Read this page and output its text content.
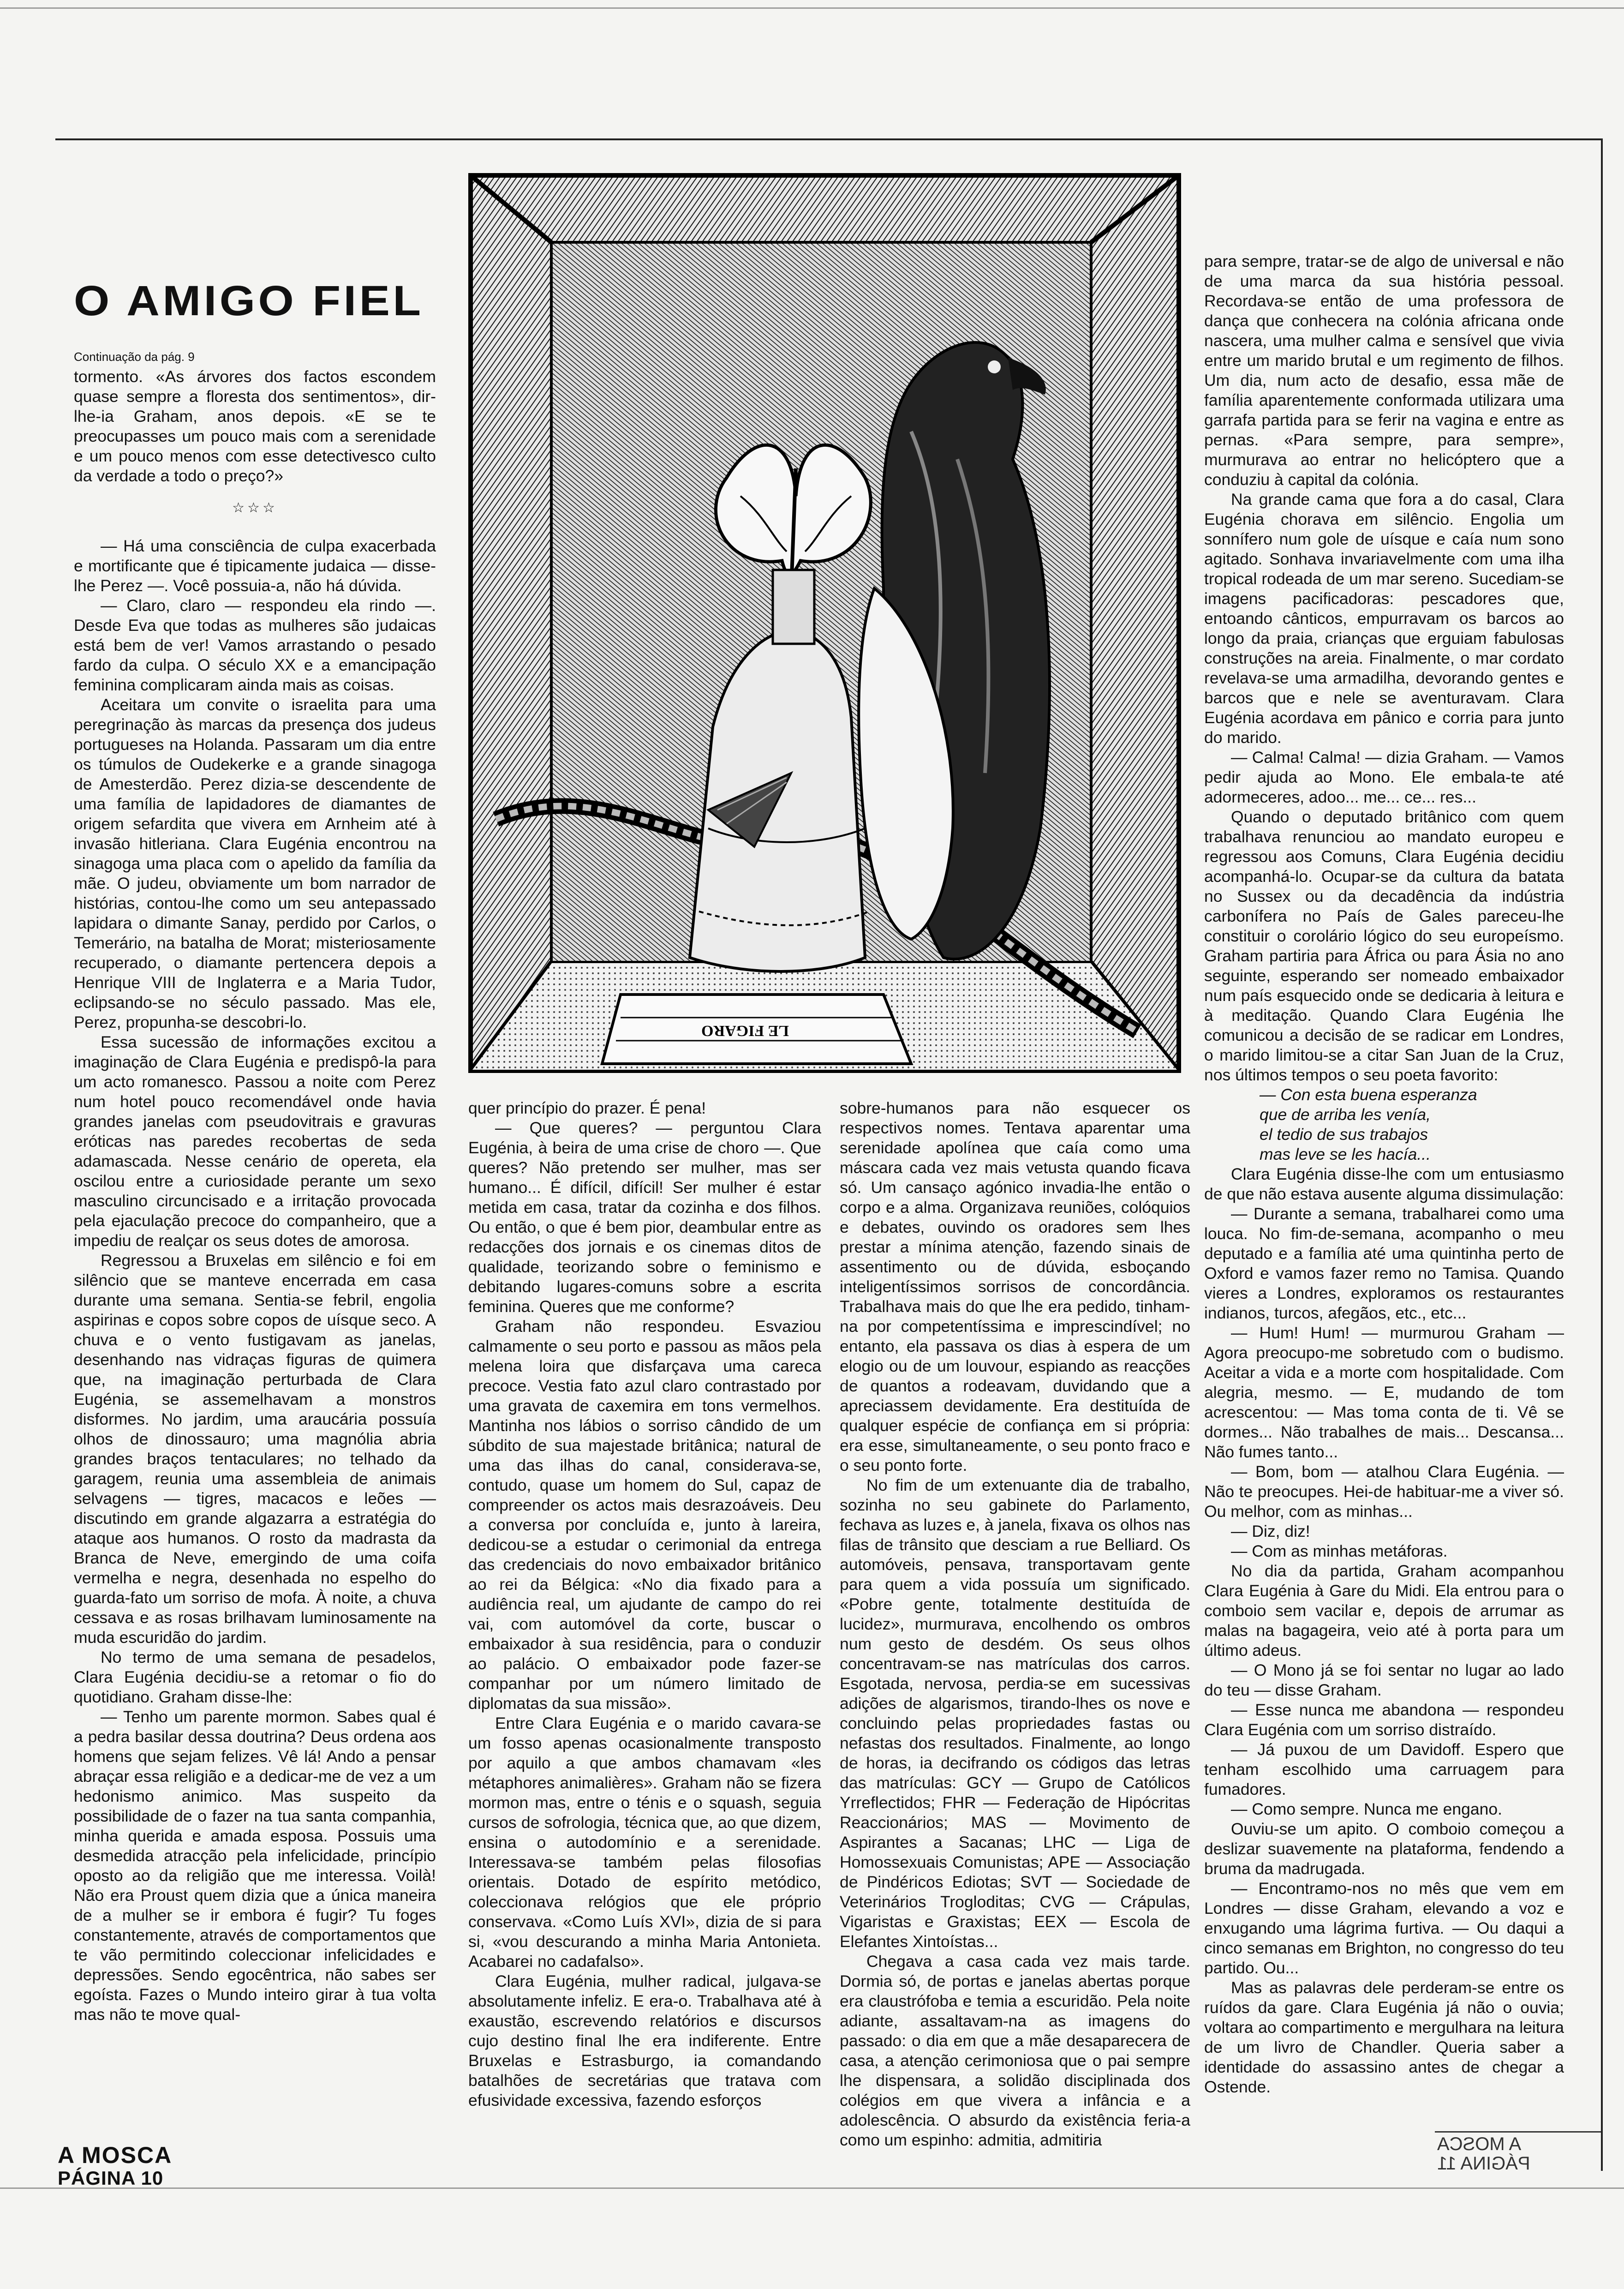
O AMIGO FIEL
Continuação da pág. 9

tormento. «As árvores dos factos escondem quase sempre a floresta dos sentimentos», dir-lhe-ia Graham, anos depois. «E se te preocupasses um pouco mais com a serenidade e um pouco menos com esse detectivesco culto da verdade a todo o preço?»

☆☆☆

— Há uma consciência de culpa exacerbada e mortificante que é tipicamente judaica — disse-lhe Perez —. Você possuia-a, não há dúvida.

— Claro, claro — respondeu ela rindo —. Desde Eva que todas as mulheres são judaicas está bem de ver! Vamos arrastando o pesado fardo da culpa. O século XX e a emancipação feminina complicaram ainda mais as coisas.

Aceitara um convite o israelita para uma peregrinação às marcas da presença dos judeus portugueses na Holanda. Passaram um dia entre os túmulos de Oudekerke e a grande sinagoga de Amesterdão. Perez dizia-se descendente de uma família de lapidadores de diamantes de origem sefardita que vivera em Arnheim até à invasão hitleriana. Clara Eugénia encontrou na sinagoga uma placa com o apelido da família da mãe. O judeu, obviamente um bom narrador de histórias, contou-lhe como um seu antepassado lapidara o dimante Sanay, perdido por Carlos, o Temerário, na batalha de Morat; misteriosamente recuperado, o diamante pertencera depois a Henrique VIII de Inglaterra e a Maria Tudor, eclipsando-se no século passado. Mas ele, Perez, propunha-se descobri-lo.

Essa sucessão de informações excitou a imaginação de Clara Eugénia e predispô-la para um acto romanesco. Passou a noite com Perez num hotel pouco recomendável onde havia grandes janelas com pseudovitrais e gravuras eróticas nas paredes recobertas de seda adamascada. Nesse cenário de opereta, ela oscilou entre a curiosidade perante um sexo masculino circuncisado e a irritação provocada pela ejaculação precoce do companheiro, que a impediu de realçar os seus dotes de amorosa.

Regressou a Bruxelas em silêncio e foi em silêncio que se manteve encerrada em casa durante uma semana. Sentia-se febril, engolia aspirinas e copos sobre copos de uísque seco. A chuva e o vento fustigavam as janelas, desenhando nas vidraças figuras de quimera que, na imaginação perturbada de Clara Eugénia, se assemelhavam a monstros disformes. No jardim, uma araucária possuía olhos de dinossauro; uma magnólia abria grandes braços tentaculares; no telhado da garagem, reunia uma assembleia de animais selvagens — tigres, macacos e leões — discutindo em grande algazarra a estratégia do ataque aos humanos. O rosto da madrasta da Branca de Neve, emergindo de uma coifa vermelha e negra, desenhada no espelho do guarda-fato um sorriso de mofa. À noite, a chuva cessava e as rosas brilhavam luminosamente na muda escuridão do jardim.

No termo de uma semana de pesadelos, Clara Eugénia decidiu-se a retomar o fio do quotidiano. Graham disse-lhe:

— Tenho um parente mormon. Sabes qual é a pedra basilar dessa doutrina? Deus ordena aos homens que sejam felizes. Vê lá! Ando a pensar abraçar essa religião e a dedicar-me de vez a um hedonismo animico. Mas suspeito da possibilidade de o fazer na tua santa companhia, minha querida e amada esposa. Possuis uma desmedida atracção pela infelicidade, princípio oposto ao da religião que me interessa. Voilà! Não era Proust quem dizia que a única maneira de a mulher se ir embora é fugir? Tu foges constantemente, através de comportamentos que te vão permitindo coleccionar infelicidades e depressões. Sendo egocêntrica, não sabes ser egoísta. Fazes o Mundo inteiro girar à tua volta mas não te move qual-

LE FIGARO

quer princípio do prazer. É pena!

— Que queres? — perguntou Clara Eugénia, à beira de uma crise de choro —. Que queres? Não pretendo ser mulher, mas ser humano... É difícil, difícil! Ser mulher é estar metida em casa, tratar da cozinha e dos filhos. Ou então, o que é bem pior, deambular entre as redacções dos jornais e os cinemas ditos de qualidade, teorizando sobre o feminismo e debitando lugares-comuns sobre a escrita feminina. Queres que me conforme?

Graham não respondeu. Esvaziou calmamente o seu porto e passou as mãos pela melena loira que disfarçava uma careca precoce. Vestia fato azul claro contrastado por uma gravata de caxemira em tons vermelhos. Mantinha nos lábios o sorriso cândido de um súbdito de sua majestade britânica; natural de uma das ilhas do canal, considerava-se, contudo, quase um homem do Sul, capaz de compreender os actos mais desrazoáveis. Deu a conversa por concluída e, junto à lareira, dedicou-se a estudar o cerimonial da entrega das credenciais do novo embaixador britânico ao rei da Bélgica: «No dia fixado para a audiência real, um ajudante de campo do rei vai, com automóvel da corte, buscar o embaixador à sua residência, para o conduzir ao palácio. O embaixador pode fazer-se companhar por um número limitado de diplomatas da sua missão».

Entre Clara Eugénia e o marido cavara-se um fosso apenas ocasionalmente transposto por aquilo a que ambos chamavam «les métaphores animalières». Graham não se fizera mormon mas, entre o ténis e o squash, seguia cursos de sofrologia, técnica que, ao que dizem, ensina o autodomínio e a serenidade. Interessava-se também pelas filosofias orientais. Dotado de espírito metódico, coleccionava relógios que ele próprio conservava. «Como Luís XVI», dizia de si para si, «vou descurando a minha Maria Antonieta. Acabarei no cadafalso».

Clara Eugénia, mulher radical, julgava-se absolutamente infeliz. E era-o. Trabalhava até à exaustão, escrevendo relatórios e discursos cujo destino final lhe era indiferente. Entre Bruxelas e Estrasburgo, ia comandando batalhões de secretárias que tratava com efusividade excessiva, fazendo esforços

sobre-humanos para não esquecer os respectivos nomes. Tentava aparentar uma serenidade apolínea que caía como uma máscara cada vez mais vetusta quando ficava só. Um cansaço agónico invadia-lhe então o corpo e a alma. Organizava reuniões, colóquios e debates, ouvindo os oradores sem lhes prestar a mínima atenção, fazendo sinais de assentimento ou de dúvida, esboçando inteligentíssimos sorrisos de concordância. Trabalhava mais do que lhe era pedido, tinham-na por competentíssima e imprescindível; no entanto, ela passava os dias à espera de um elogio ou de um louvour, espiando as reacções de quantos a rodeavam, duvidando que a apreciassem devidamente. Era destituída de qualquer espécie de confiança em si própria: era esse, simultaneamente, o seu ponto fraco e o seu ponto forte.

No fim de um extenuante dia de trabalho, sozinha no seu gabinete do Parlamento, fechava as luzes e, à janela, fixava os olhos nas filas de trânsito que desciam a rue Belliard. Os automóveis, pensava, transportavam gente para quem a vida possuía um significado. «Pobre gente, totalmente destituída de lucidez», murmurava, encolhendo os ombros num gesto de desdém. Os seus olhos concentravam-se nas matrículas dos carros. Esgotada, nervosa, perdia-se em sucessivas adições de algarismos, tirando-lhes os nove e concluindo pelas propriedades fastas ou nefastas dos resultados. Finalmente, ao longo de horas, ia decifrando os códigos das letras das matrículas: GCY — Grupo de Católicos Yrreflectidos; FHR — Federação de Hipócritas Reaccionários; MAS — Movimento de Aspirantes a Sacanas; LHC — Liga de Homossexuais Comunistas; APE — Associação de Pindéricos Ediotas; SVT — Sociedade de Veterinários Trogloditas; CVG — Crápulas, Vigaristas e Graxistas; EEX — Escola de Elefantes Xintoístas...

Chegava a casa cada vez mais tarde. Dormia só, de portas e janelas abertas porque era claustrófoba e temia a escuridão. Pela noite adiante, assaltavam-na as imagens do passado: o dia em que a mãe desaparecera de casa, a atenção cerimoniosa que o pai sempre lhe dispensara, a solidão disciplinada dos colégios em que vivera a infância e a adolescência. O absurdo da existência feria-a como um espinho: admitia, admitiria

para sempre, tratar-se de algo de universal e não de uma marca da sua história pessoal. Recordava-se então de uma professora de dança que conhecera na colónia africana onde nascera, uma mulher calma e sensível que vivia entre um marido brutal e um regimento de filhos. Um dia, num acto de desafio, essa mãe de família aparentemente conformada utilizara uma garrafa partida para se ferir na vagina e entre as pernas. «Para sempre, para sempre», murmurava ao entrar no helicóptero que a conduziu à capital da colónia.

Na grande cama que fora a do casal, Clara Eugénia chorava em silêncio. Engolia um sonnífero num gole de uísque e caía num sono agitado. Sonhava invariavelmente com uma ilha tropical rodeada de um mar sereno. Sucediam-se imagens pacificadoras: pescadores que, entoando cânticos, empurravam os barcos ao longo da praia, crianças que erguiam fabulosas construções na areia. Finalmente, o mar cordato revelava-se uma armadilha, devorando gentes e barcos que e nele se aventuravam. Clara Eugénia acordava em pânico e corria para junto do marido.

— Calma! Calma! — dizia Graham. — Vamos pedir ajuda ao Mono. Ele embala-te até adormeceres, adoo... me... ce... res...

Quando o deputado britânico com quem trabalhava renunciou ao mandato europeu e regressou aos Comuns, Clara Eugénia decidiu acompanhá-lo. Ocupar-se da cultura da batata no Sussex ou da decadência da indústria carbonífera no País de Gales pareceu-lhe constituir o corolário lógico do seu europeísmo. Graham partiria para África ou para Ásia no ano seguinte, esperando ser nomeado embaixador num país esquecido onde se dedicaria à leitura e à meditação. Quando Clara Eugénia lhe comunicou a decisão de se radicar em Londres, o marido limitou-se a citar San Juan de la Cruz, nos últimos tempos o seu poeta favorito:

— Con esta buena esperanza

que de arriba les venía,

el tedio de sus trabajos

mas leve se les hacía...

Clara Eugénia disse-lhe com um entusiasmo de que não estava ausente alguma dissimulação:

— Durante a semana, trabalharei como uma louca. No fim-de-semana, acompanho o meu deputado e a família até uma quintinha perto de Oxford e vamos fazer remo no Tamisa. Quando vieres a Londres, exploramos os restaurantes indianos, turcos, afegãos, etc., etc...

— Hum! Hum! — murmurou Graham — Agora preocupo-me sobretudo com o budismo. Aceitar a vida e a morte com hospitalidade. Com alegria, mesmo. — E, mudando de tom acrescentou: — Mas toma conta de ti. Vê se dormes... Não trabalhes de mais... Descansa... Não fumes tanto...

— Bom, bom — atalhou Clara Eugénia. — Não te preocupes. Hei-de habituar-me a viver só. Ou melhor, com as minhas...

— Diz, diz!

— Com as minhas metáforas.

No dia da partida, Graham acompanhou Clara Eugénia à Gare du Midi. Ela entrou para o comboio sem vacilar e, depois de arrumar as malas na bagageira, veio até à porta para um último adeus.

— O Mono já se foi sentar no lugar ao lado do teu — disse Graham.

— Esse nunca me abandona — respondeu Clara Eugénia com um sorriso distraído.

— Já puxou de um Davidoff. Espero que tenham escolhido uma carruagem para fumadores.

— Como sempre. Nunca me engano.

Ouviu-se um apito. O comboio começou a deslizar suavemente na plataforma, fendendo a bruma da madrugada.

— Encontramo-nos no mês que vem em Londres — disse Graham, elevando a voz e enxugando uma lágrima furtiva. — Ou daqui a cinco semanas em Brighton, no congresso do teu partido. Ou...

Mas as palavras dele perderam-se entre os ruídos da gare. Clara Eugénia já não o ouvia; voltara ao compartimento e mergulhara na leitura de um livro de Chandler. Queria saber a identidade do assassino antes de chegar a Ostende.

A MOSCA
PÁGINA 10
A MOSCA
PÁGINA 11
